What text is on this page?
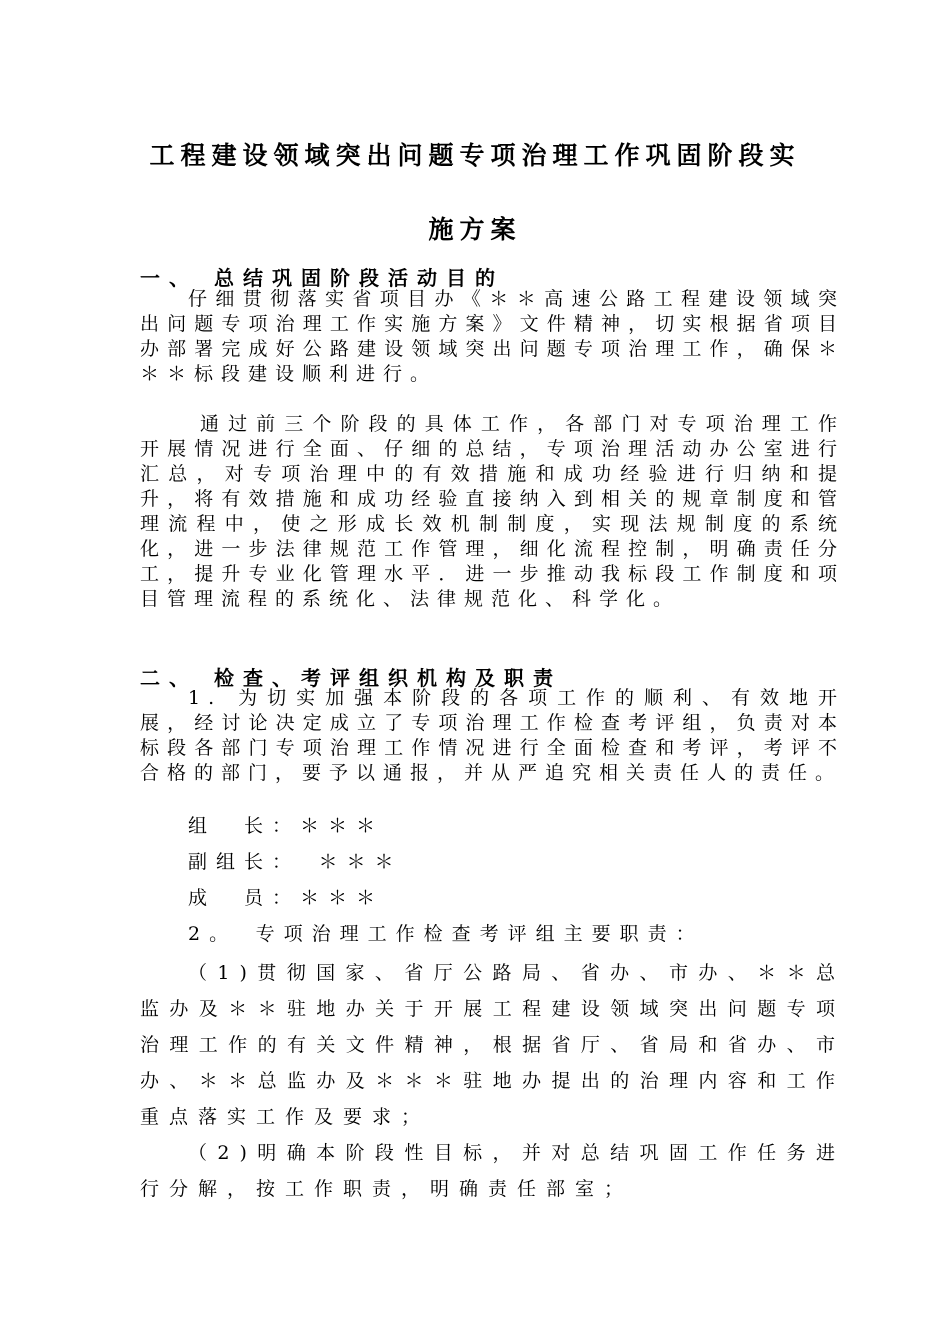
工程建设领域突出问题专项治理工作巩固阶段实
施方案
一、 总结巩固阶段活动目的
仔细贯彻落实省项目办《＊＊高速公路工程建设领域突出问题专项治理工作实施方案》文件精神，切实根据省项目办部署完成好公路建设领域突出问题专项治理工作，确保＊＊＊标段建设顺利进行。
通过前三个阶段的具体工作，各部门对专项治理工作开展情况进行全面、仔细的总结，专项治理活动办公室进行汇总，对专项治理中的有效措施和成功经验进行归纳和提升，将有效措施和成功经验直接纳入到相关的规章制度和管理流程中，使之形成长效机制制度，实现法规制度的系统化，进一步法律规范工作管理，细化流程控制，明确责任分工，提升专业化管理水平．进一步推动我标段工作制度和项目管理流程的系统化、法律规范化、科学化。
二、 检查、考评组织机构及职责
1. 为切实加强本阶段的各项工作的顺利、有效地开展，经讨论决定成立了专项治理工作检查考评组，负责对本标段各部门专项治理工作情况进行全面检查和考评，考评不合格的部门，要予以通报，并从严追究相关责任人的责任。
组　长：＊＊＊
副组长：　＊＊＊
成　员：＊＊＊
2。　专项治理工作检查考评组主要职责：
（1)贯彻国家、省厅公路局、省办、市办、＊＊总监办及＊＊驻地办关于开展工程建设领域突出问题专项治理工作的有关文件精神，根据省厅、省局和省办、市办、＊＊总监办及＊＊＊驻地办提出的治理内容和工作重点落实工作及要求；
（2)明确本阶段性目标，并对总结巩固工作任务进行分解，按工作职责，明确责任部室；
